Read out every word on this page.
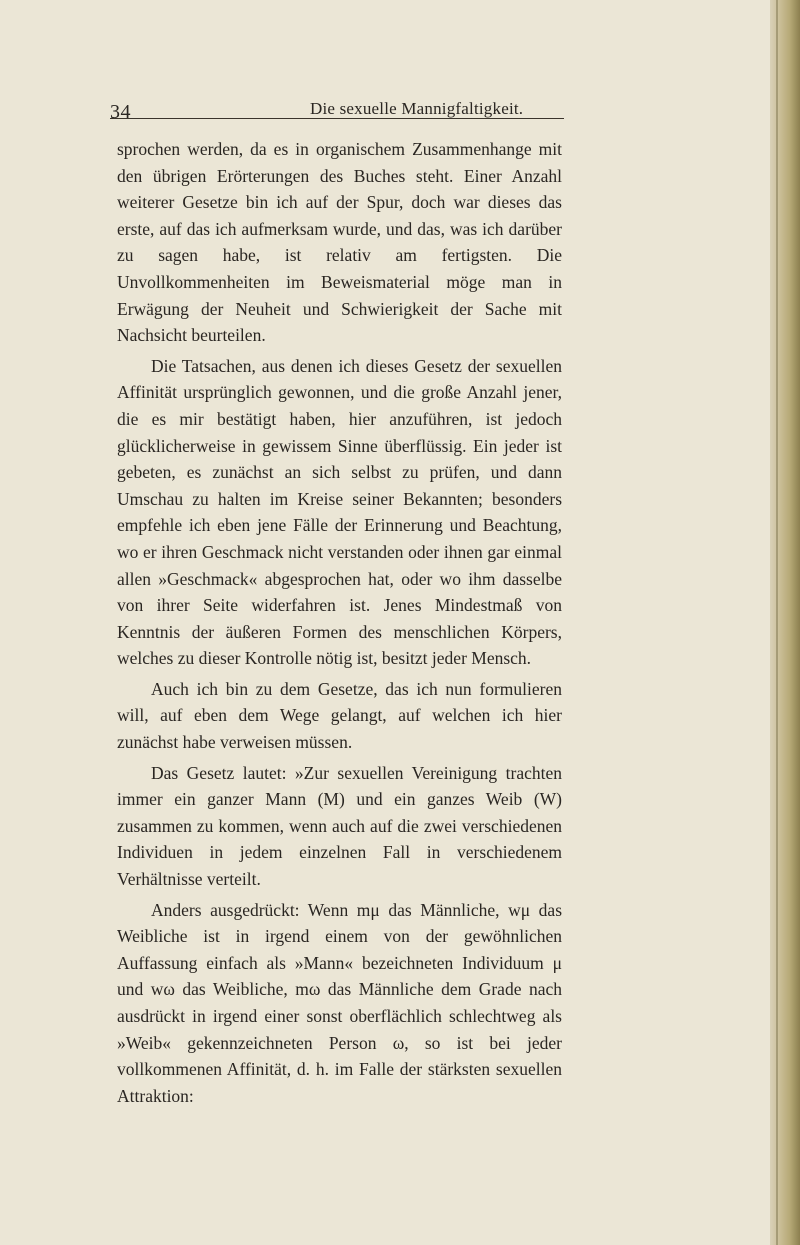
34	Die sexuelle Mannigfaltigkeit.

sprochen werden, da es in organischem Zusammenhange mit den übrigen Erörterungen des Buches steht. Einer Anzahl weiterer Gesetze bin ich auf der Spur, doch war dieses das erste, auf das ich aufmerksam wurde, und das, was ich darüber zu sagen habe, ist relativ am fertigsten. Die Unvollkommenheiten im Beweismaterial möge man in Erwägung der Neuheit und Schwierigkeit der Sache mit Nachsicht beurteilen.

Die Tatsachen, aus denen ich dieses Gesetz der sexuellen Affinität ursprünglich gewonnen, und die große Anzahl jener, die es mir bestätigt haben, hier anzuführen, ist jedoch glücklicherweise in gewissem Sinne überflüssig. Ein jeder ist gebeten, es zunächst an sich selbst zu prüfen, und dann Umschau zu halten im Kreise seiner Bekannten; besonders empfehle ich eben jene Fälle der Erinnerung und Beachtung, wo er ihren Geschmack nicht verstanden oder ihnen gar einmal allen »Geschmack« abgesprochen hat, oder wo ihm dasselbe von ihrer Seite widerfahren ist. Jenes Mindestmaß von Kenntnis der äußeren Formen des menschlichen Körpers, welches zu dieser Kontrolle nötig ist, besitzt jeder Mensch.

Auch ich bin zu dem Gesetze, das ich nun formulieren will, auf eben dem Wege gelangt, auf welchen ich hier zunächst habe verweisen müssen.

Das Gesetz lautet: »Zur sexuellen Vereinigung trachten immer ein ganzer Mann (M) und ein ganzes Weib (W) zusammen zu kommen, wenn auch auf die zwei verschiedenen Individuen in jedem einzelnen Fall in verschiedenem Verhältnisse verteilt.

Anders ausgedrückt: Wenn mμ das Männliche, wμ das Weibliche ist in irgend einem von der gewöhnlichen Auffassung einfach als »Mann« bezeichneten Individuum μ und wω das Weibliche, mω das Männliche dem Grade nach ausdrückt in irgend einer sonst oberflächlich schlechtweg als »Weib« gekennzeichneten Person ω, so ist bei jeder vollkommenen Affinität, d. h. im Falle der stärksten sexuellen Attraktion:
